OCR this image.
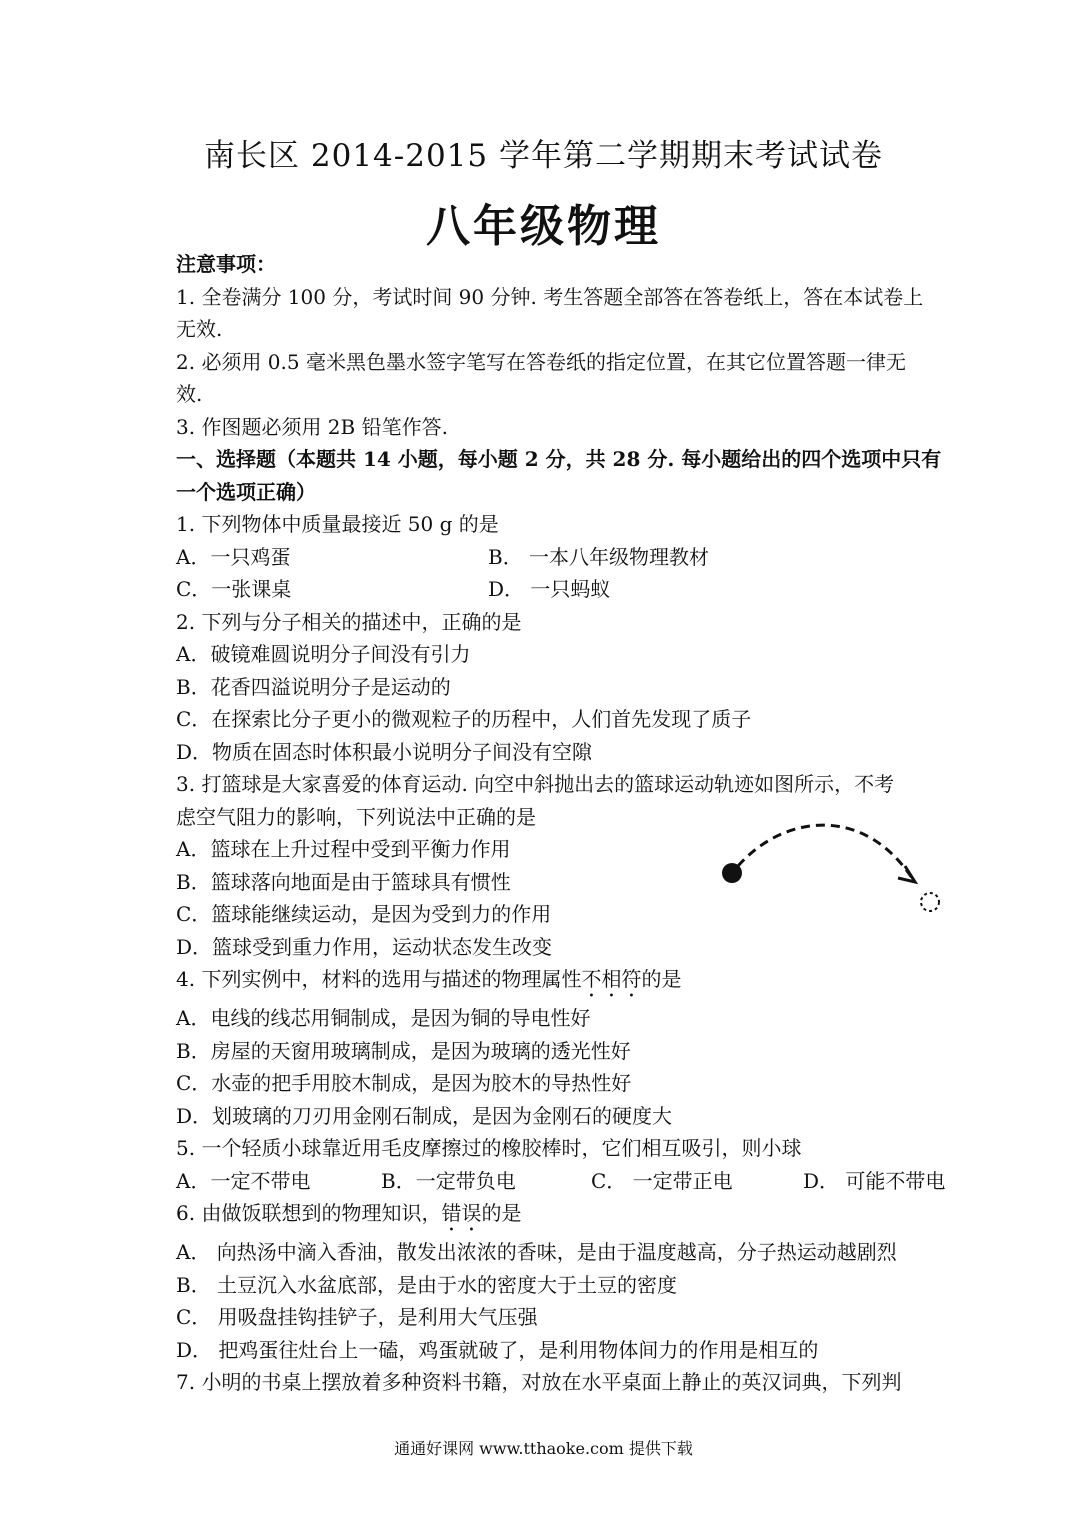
南长区 2014-2015 学年第二学期期末考试试卷
八年级物理

注意事项：

1. 全卷满分 100 分，考试时间 90 分钟. 考生答题全部答在答卷纸上，答在本试卷上

无效.

2. 必须用 0.5 毫米黑色墨水签字笔写在答卷纸的指定位置，在其它位置答题一律无

效.

3. 作图题必须用 2B 铅笔作答.

一、选择题（本题共 14 小题，每小题 2 分，共 28 分. 每小题给出的四个选项中只有

一个选项正确）

1. 下列物体中质量最接近 50 g 的是

A．一只鸡蛋	B． 一本八年级物理教材
C．一张课桌	D． 一只蚂蚁

2. 下列与分子相关的描述中，正确的是

A．破镜难圆说明分子间没有引力

B．花香四溢说明分子是运动的

C．在探索比分子更小的微观粒子的历程中，人们首先发现了质子

D．物质在固态时体积最小说明分子间没有空隙

3. 打篮球是大家喜爱的体育运动. 向空中斜抛出去的篮球运动轨迹如图所示，不考

虑空气阻力的影响，下列说法中正确的是

A．篮球在上升过程中受到平衡力作用

B．篮球落向地面是由于篮球具有惯性

C．篮球能继续运动，是因为受到力的作用

D．篮球受到重力作用，运动状态发生改变

4. 下列实例中，材料的选用与描述的物理属性不相符的是

A．电线的线芯用铜制成，是因为铜的导电性好

B．房屋的天窗用玻璃制成，是因为玻璃的透光性好

C．水壶的把手用胶木制成，是因为胶木的导热性好

D．划玻璃的刀刃用金刚石制成，是因为金刚石的硬度大

5. 一个轻质小球靠近用毛皮摩擦过的橡胶棒时，它们相互吸引，则小球

A．一定不带电	B．一定带负电	C． 一定带正电	D． 可能不带电

6. 由做饭联想到的物理知识，错误的是

A． 向热汤中滴入香油，散发出浓浓的香味，是由于温度越高，分子热运动越剧烈

B． 土豆沉入水盆底部，是由于水的密度大于土豆的密度

C． 用吸盘挂钩挂铲子，是利用大气压强

D． 把鸡蛋往灶台上一磕，鸡蛋就破了，是利用物体间力的作用是相互的

7. 小明的书桌上摆放着多种资料书籍，对放在水平桌面上静止的英汉词典，下列判

通通好课网 www.tthaoke.com 提供下载
